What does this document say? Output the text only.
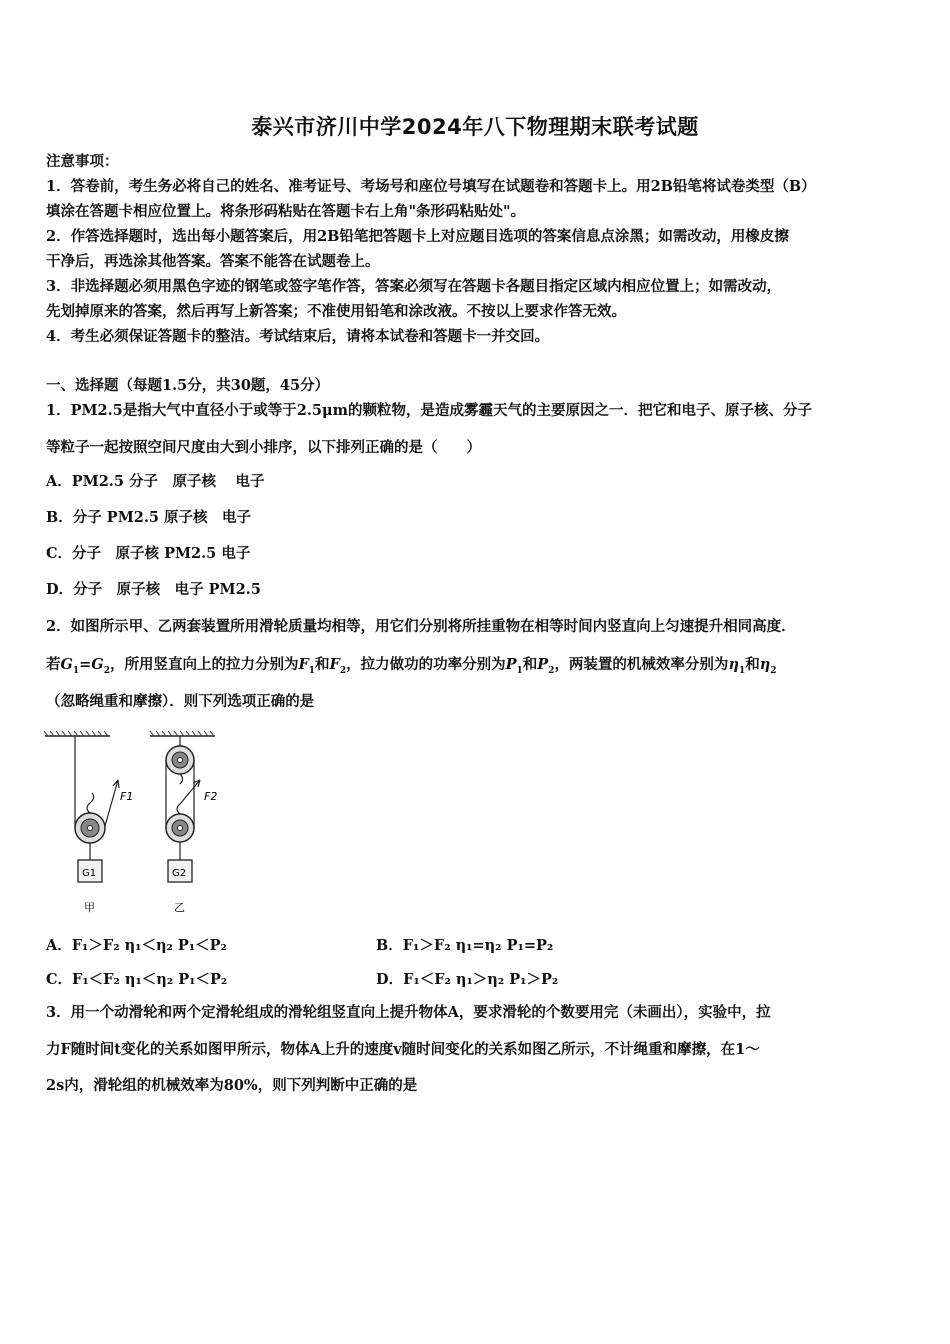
泰兴市济川中学2024年八下物理期末联考试题
注意事项：
1．答卷前，考生务必将自己的姓名、准考证号、考场号和座位号填写在试题卷和答题卡上。用2B铅笔将试卷类型（B）
填涂在答题卡相应位置上。将条形码粘贴在答题卡右上角"条形码粘贴处"。
2．作答选择题时，选出每小题答案后，用2B铅笔把答题卡上对应题目选项的答案信息点涂黑；如需改动，用橡皮擦
干净后，再选涂其他答案。答案不能答在试题卷上。
3．非选择题必须用黑色字迹的钢笔或签字笔作答，答案必须写在答题卡各题目指定区域内相应位置上；如需改动，
先划掉原来的答案，然后再写上新答案；不准使用铅笔和涂改液。不按以上要求作答无效。
4．考生必须保证答题卡的整洁。考试结束后，请将本试卷和答题卡一并交回。
一、选择题（每题1.5分，共30题，45分）
1．PM2.5是指大气中直径小于或等于2.5μm的颗粒物，是造成雾霾天气的主要原因之一．把它和电子、原子核、分子
等粒子一起按照空间尺度由大到小排序，以下排列正确的是（　　）
A．PM2.5 分子　原子核　 电子
B．分子 PM2.5 原子核　电子
C．分子　原子核 PM2.5 电子
D．分子　原子核　电子 PM2.5
2．如图所示甲、乙两套装置所用滑轮质量均相等，用它们分别将所挂重物在相等时间内竖直向上匀速提升相同高度．
若$G_1=G_2$，所用竖直向上的拉力分别为$F_1$和$F_2$，拉力做功的功率分别为$P_1$和$P_2$，两装置的机械效率分别为$\eta_1$和$\eta_2$
（忽略绳重和摩擦）．则下列选项正确的是
F1
G1
甲
F2
G2
乙
A．F₁＞F₂ η₁＜η₂ P₁＜P₂	B．F₁＞F₂ η₁=η₂ P₁=P₂
C．F₁＜F₂ η₁＜η₂ P₁＜P₂	D．F₁＜F₂ η₁＞η₂ P₁＞P₂
3．用一个动滑轮和两个定滑轮组成的滑轮组竖直向上提升物体A，要求滑轮的个数要用完（未画出），实验中，拉
力F随时间t变化的关系如图甲所示，物体A上升的速度v随时间变化的关系如图乙所示，不计绳重和摩擦，在1～
2s内，滑轮组的机械效率为80%，则下列判断中正确的是
